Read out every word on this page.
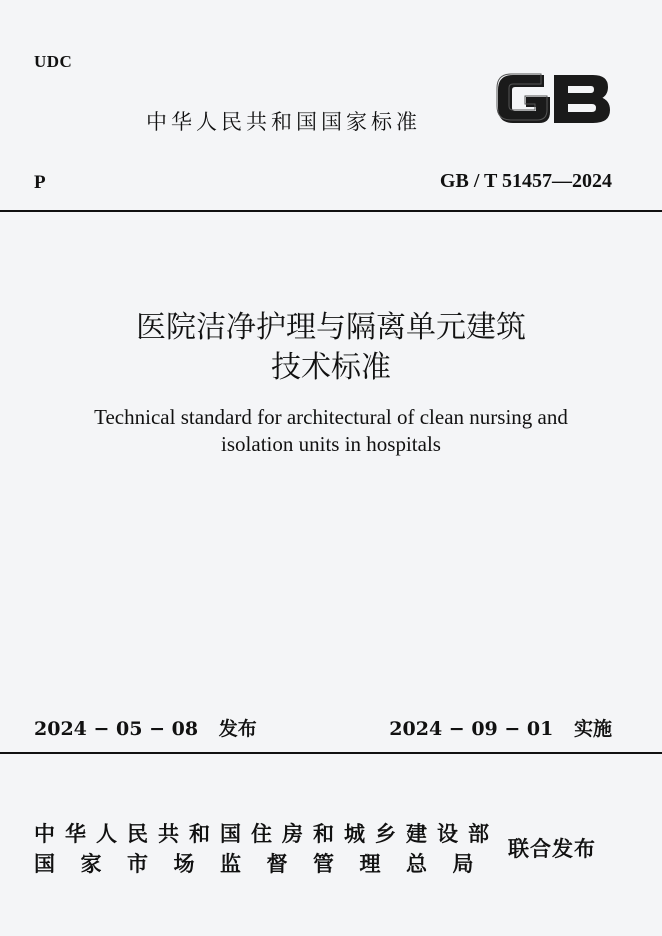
UDC
中华人民共和国国家标准
P	GB / T 51457—2024
医院洁净护理与隔离单元建筑
技术标准
Technical standard for architectural of clean nursing and
isolation units in hospitals
2024 − 05 − 08 发布	2024 − 09 − 01 实施
中华人民共和国住房和城乡建设部
国家市场监督管理总局
联合发布
